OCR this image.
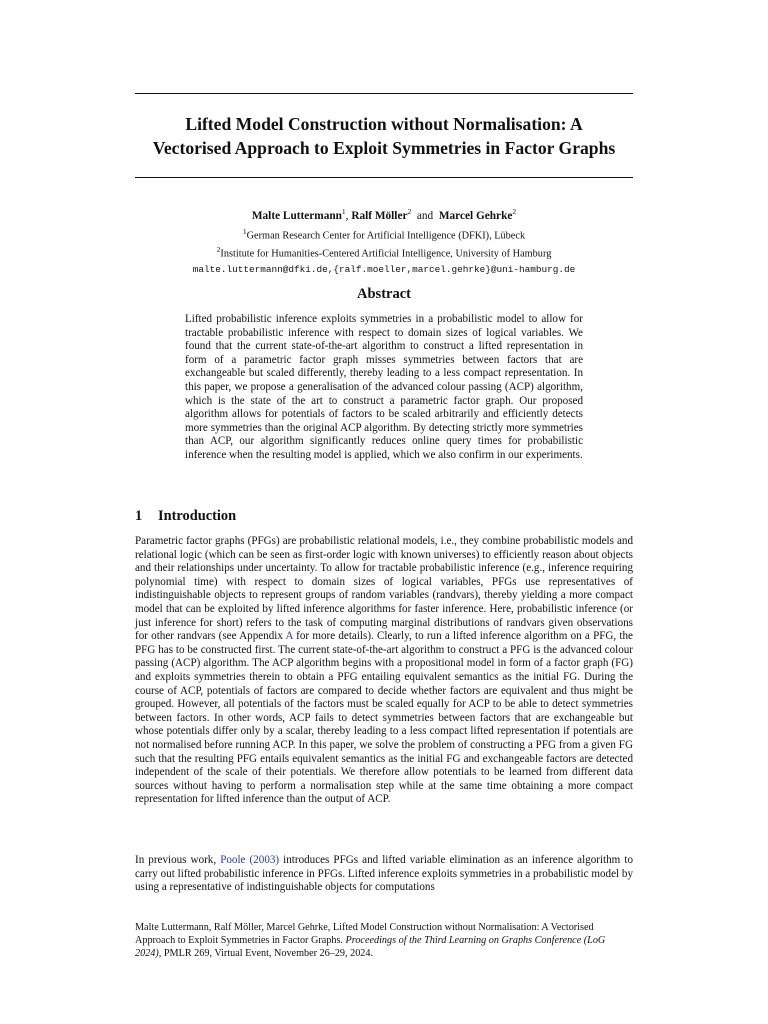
Lifted Model Construction without Normalisation: A
Vectorised Approach to Exploit Symmetries in Factor Graphs
Malte Luttermann$^1$, Ralf Möller$^2$ and Marcel Gehrke$^2$
$^1$German Research Center for Artificial Intelligence (DFKI), Lübeck
$^2$Institute for Humanities-Centered Artificial Intelligence, University of Hamburg
malte.luttermann@dfki.de,{ralf.moeller,marcel.gehrke}@uni-hamburg.de
Abstract
Lifted probabilistic inference exploits symmetries in a probabilistic model to allow for tractable probabilistic inference with respect to domain sizes of logical variables. We found that the current state-of-the-art algorithm to construct a lifted representation in form of a parametric factor graph misses symmetries between factors that are exchangeable but scaled differently, thereby leading to a less compact representation. In this paper, we propose a generalisation of the advanced colour passing (ACP) algorithm, which is the state of the art to construct a parametric factor graph. Our proposed algorithm allows for potentials of factors to be scaled arbitrarily and efficiently detects more symmetries than the original ACP algorithm. By detecting strictly more symmetries than ACP, our algorithm significantly reduces online query times for probabilistic inference when the resulting model is applied, which we also confirm in our experiments.
1 Introduction

Parametric factor graphs (PFGs) are probabilistic relational models, i.e., they combine probabilistic models and relational logic (which can be seen as first-order logic with known universes) to efficiently reason about objects and their relationships under uncertainty. To allow for tractable probabilistic inference (e.g., inference requiring polynomial time) with respect to domain sizes of logical variables, PFGs use representatives of indistinguishable objects to represent groups of random variables (randvars), thereby yielding a more compact model that can be exploited by lifted inference algorithms for faster inference. Here, probabilistic inference (or just inference for short) refers to the task of computing marginal distributions of randvars given observations for other randvars (see Appendix A for more details). Clearly, to run a lifted inference algorithm on a PFG, the PFG has to be constructed first. The current state-of-the-art algorithm to construct a PFG is the advanced colour passing (ACP) algorithm. The ACP algorithm begins with a propositional model in form of a factor graph (FG) and exploits symmetries therein to obtain a PFG entailing equivalent semantics as the initial FG. During the course of ACP, potentials of factors are compared to decide whether factors are equivalent and thus might be grouped. However, all potentials of the factors must be scaled equally for ACP to be able to detect symmetries between factors. In other words, ACP fails to detect symmetries between factors that are exchangeable but whose potentials differ only by a scalar, thereby leading to a less compact lifted representation if potentials are not normalised before running ACP. In this paper, we solve the problem of constructing a PFG from a given FG such that the resulting PFG entails equivalent semantics as the initial FG and exchangeable factors are detected independent of the scale of their potentials. We therefore allow potentials to be learned from different data sources without having to perform a normalisation step while at the same time obtaining a more compact representation for lifted inference than the output of ACP.

In previous work, Poole (2003) introduces PFGs and lifted variable elimination as an inference algorithm to carry out lifted probabilistic inference in PFGs. Lifted inference exploits symmetries in a probabilistic model by using a representative of indistinguishable objects for computations

Malte Luttermann, Ralf Möller, Marcel Gehrke, Lifted Model Construction without Normalisation: A Vectorised Approach to Exploit Symmetries in Factor Graphs. Proceedings of the Third Learning on Graphs Conference (LoG 2024), PMLR 269, Virtual Event, November 26–29, 2024.
